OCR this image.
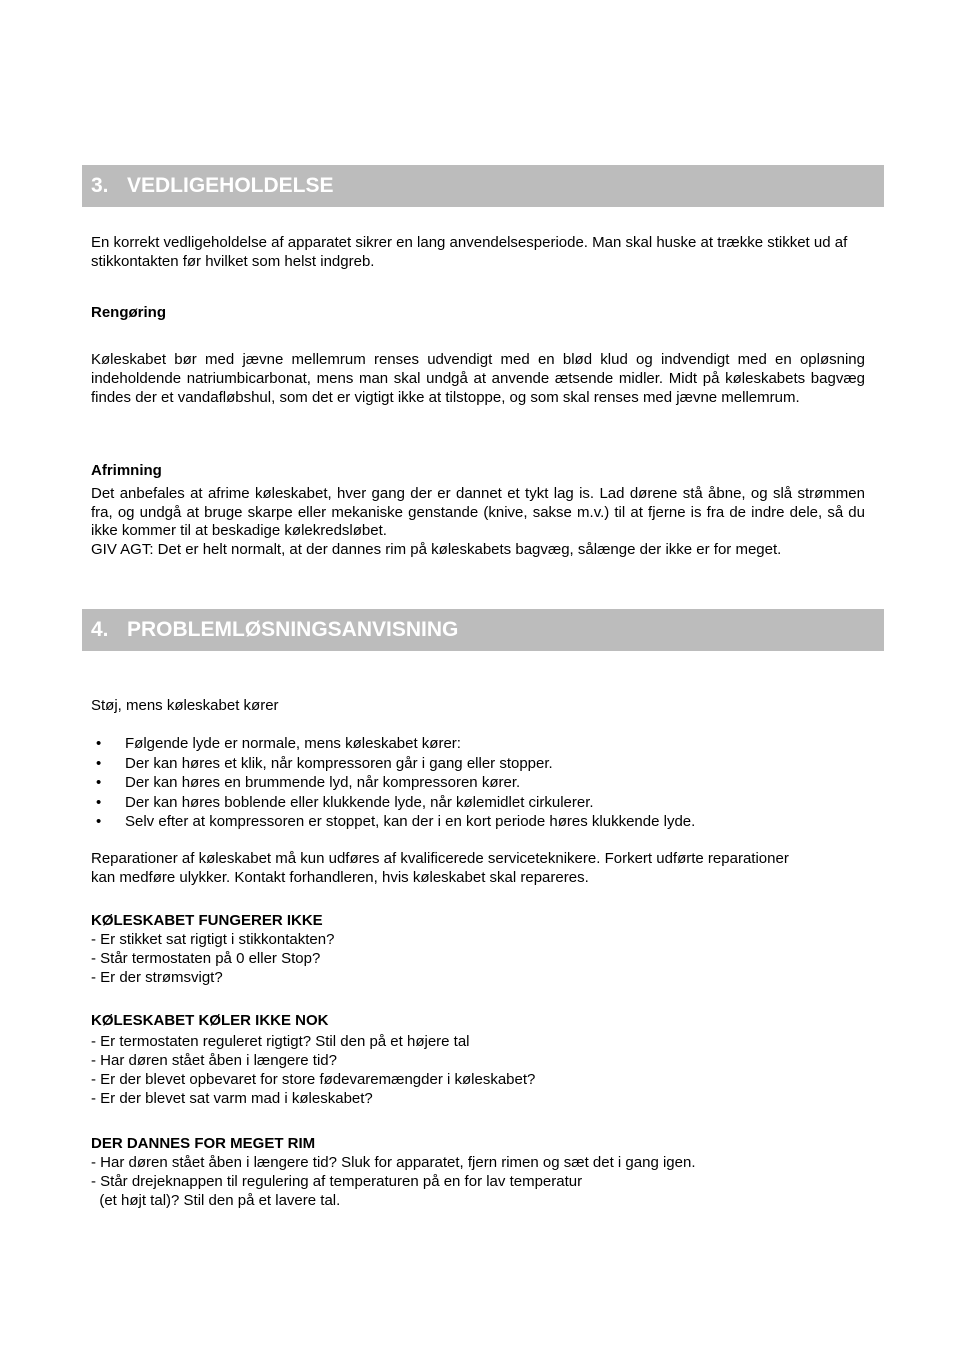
3. VEDLIGEHOLDELSE
En korrekt vedligeholdelse af apparatet sikrer en lang anvendelsesperiode. Man skal huske at trække stikket ud af stikkontakten før hvilket som helst indgreb.
Rengøring
Køleskabet bør med jævne mellemrum renses udvendigt med en blød klud og indvendigt med en opløsning indeholdende natriumbicarbonat, mens man skal undgå at anvende ætsende midler. Midt på køleskabets bagvæg findes der et vandafløbshul, som det er vigtigt ikke at tilstoppe, og som skal renses med jævne mellemrum.
Afrimning
Det anbefales at afrime køleskabet, hver gang der er dannet et tykt lag is. Lad dørene stå åbne, og slå strømmen fra, og undgå at bruge skarpe eller mekaniske genstande (knive, sakse m.v.) til at fjerne is fra de indre dele, så du ikke kommer til at beskadige kølekredsløbet.
GIV AGT: Det er helt normalt, at der dannes rim på køleskabets bagvæg, sålænge der ikke er for meget.
4. PROBLEMLØSNINGSANVISNING
Støj, mens køleskabet kører
• Følgende lyde er normale, mens køleskabet kører:
• Der kan høres et klik, når kompressoren går i gang eller stopper.
• Der kan høres en brummende lyd, når kompressoren kører.
• Der kan høres boblende eller klukkende lyde, når kølemidlet cirkulerer.
• Selv efter at kompressoren er stoppet, kan der i en kort periode høres klukkende lyde.
Reparationer af køleskabet må kun udføres af kvalificerede serviceteknikere. Forkert udførte reparationer
kan medføre ulykker. Kontakt forhandleren, hvis køleskabet skal repareres.
KØLESKABET FUNGERER IKKE
- Er stikket sat rigtigt i stikkontakten?
- Står termostaten på 0 eller Stop?
- Er der strømsvigt?
KØLESKABET KØLER IKKE NOK
- Er termostaten reguleret rigtigt? Stil den på et højere tal
- Har døren stået åben i længere tid?
- Er der blevet opbevaret for store fødevaremængder i køleskabet?
- Er der blevet sat varm mad i køleskabet?
DER DANNES FOR MEGET RIM
- Har døren stået åben i længere tid? Sluk for apparatet, fjern rimen og sæt det i gang igen.
- Står drejeknappen til regulering af temperaturen på en for lav temperatur
(et højt tal)? Stil den på et lavere tal.
